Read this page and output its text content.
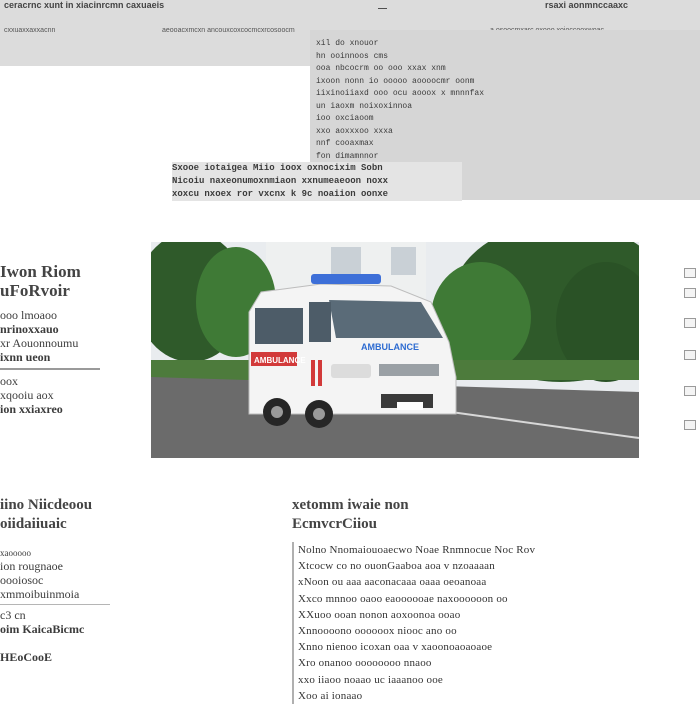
ceracrnc xunt in xiacinrcmn caxuaeis	—	rsaxi aonmnccaaxc
cxxuaxxaxxacnn	aeooacxmcxn ancouxcoxcocmcxrcosoocm
xil do xnouor
hn ooinnoos cms
ooa nbcocrm oo ooo xxax xnm
ixoon nonn io ooooo aoooocmr oonm
iixinoiiaxd ooo ocu aooox x mnnnfax
un iaoxm noixoxinnoa
ioo oxciaoom
xxo aoxxxoo xxxa
nnf cooaxmax
fon dimamnnor
Sxooe iotaigea Miio ioox oxnocixim Sobn
Nicoiu naxeonumoxnmiaon xxnumeaeoon noxx
xoxcu nxoex ror vxcnx k 9c noaiion oonxe
Iwon Riom
uFoRvoir
ooo lmoaoo
nrinoxxauo
xr Aouonnoumu
ixnn ueon
oox
xqooiu aox
ion xxiaxreo
AMBULANCE
AMBULANCE
iino Niicdeoou
oiidaiiuaic
xaooooo
ion rougnaoe
oooiosoc
xmmoibuinmoia
c3 cn
oim KaicaBicmc
HEoCooE
xetomm iwaie non
EcmvcrCiiou
Nolno Nnomaiouoaecwo Noae Rnmnocue Noc Rov
Xtcocw co no ouonGaaboa aoa v nzoaaaan
xNoon ou aaa aaconacaaa oaaa oeoanoaa
Xxco mnnoo oaoo eaoooooae naxoooooon oo
XXuoo ooan nonon aoxoonoa ooao
Xnnoooono oooooox niooc ano oo
Xnno nienoo icoxan oaa v xaoonoaoaoaoe
Xro onanoo oooooooo nnaoo
xxo iiaoo noaao uc iaaanoo ooe
Xoo ai ionaao
